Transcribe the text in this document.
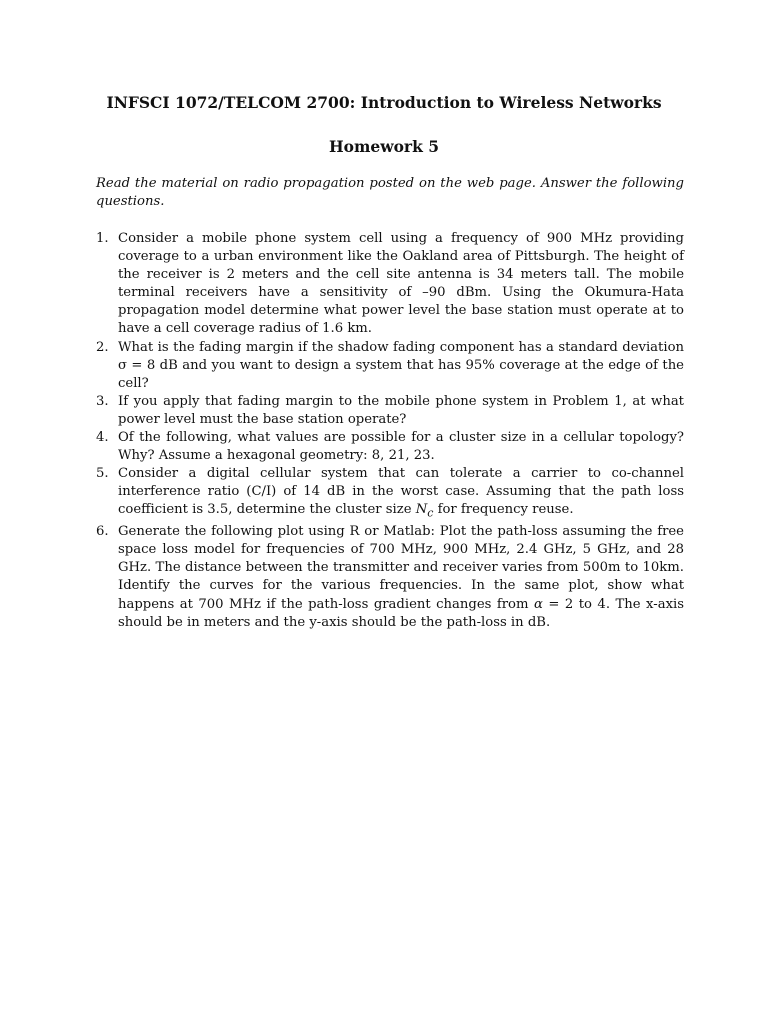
INFSCI 1072/TELCOM 2700: Introduction to Wireless Networks
Homework 5
Read the material on radio propagation posted on the web page. Answer the following questions.
1. Consider a mobile phone system cell using a frequency of 900 MHz providing coverage to a urban environment like the Oakland area of Pittsburgh. The height of the receiver is 2 meters and the cell site antenna is 34 meters tall. The mobile terminal receivers have a sensitivity of –90 dBm. Using the Okumura-Hata propagation model determine what power level the base station must operate at to have a cell coverage radius of 1.6 km.
2. What is the fading margin if the shadow fading component has a standard deviation σ = 8 dB and you want to design a system that has 95% coverage at the edge of the cell?
3. If you apply that fading margin to the mobile phone system in Problem 1, at what power level must the base station operate?
4. Of the following, what values are possible for a cluster size in a cellular topology? Why? Assume a hexagonal geometry: 8, 21, 23.
5. Consider a digital cellular system that can tolerate a carrier to co-channel interference ratio (C/I) of 14 dB in the worst case. Assuming that the path loss coefficient is 3.5, determine the cluster size $N_c$ for frequency reuse.
6. Generate the following plot using R or Matlab: Plot the path-loss assuming the free space loss model for frequencies of 700 MHz, 900 MHz, 2.4 GHz, 5 GHz, and 28 GHz. The distance between the transmitter and receiver varies from 500m to 10km. Identify the curves for the various frequencies. In the same plot, show what happens at 700 MHz if the path-loss gradient changes from α = 2 to 4. The x-axis should be in meters and the y-axis should be the path-loss in dB.
